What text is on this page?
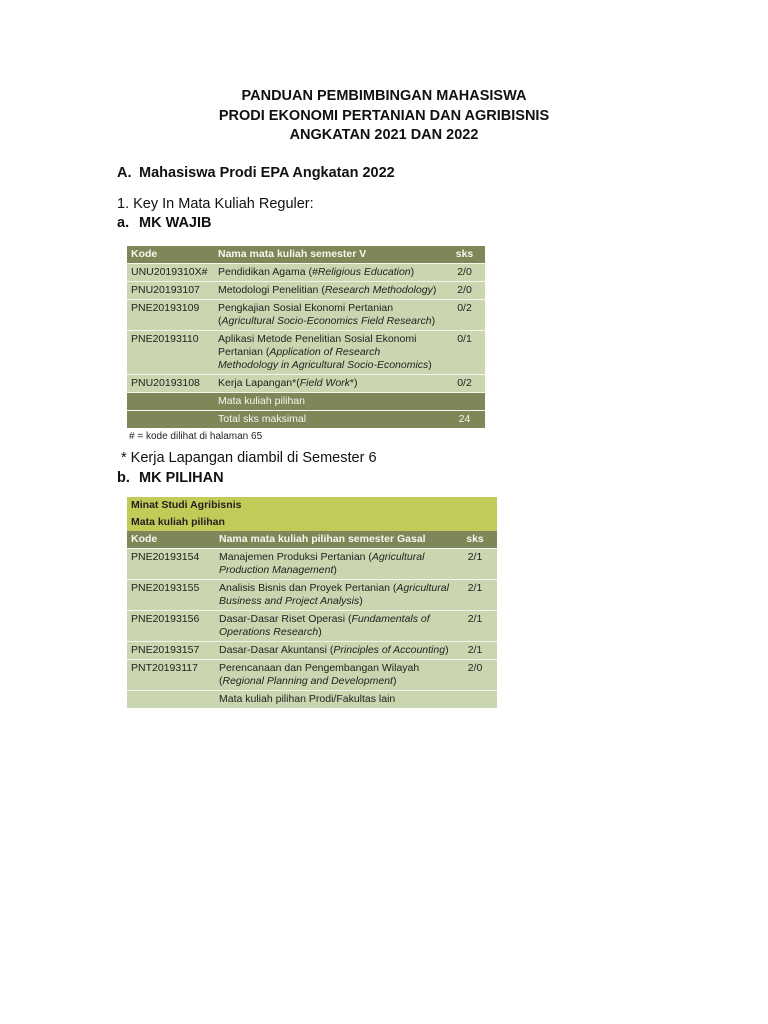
PANDUAN PEMBIMBINGAN MAHASISWA
PRODI EKONOMI PERTANIAN DAN AGRIBISNIS
ANGKATAN 2021 DAN 2022
A. Mahasiswa Prodi EPA Angkatan 2022
1. Key In Mata Kuliah Reguler:
a. MK WAJIB
Kode	Nama mata kuliah semester V	sks
UNU2019310X#	Pendidikan Agama (#Religious Education)	2/0
PNU20193107	Metodologi Penelitian (Research Methodology)	2/0
PNE20193109	Pengkajian Sosial Ekonomi Pertanian (Agricultural Socio-Economics Field Research)	0/2
PNE20193110	Aplikasi Metode Penelitian Sosial Ekonomi Pertanian (Application of Research Methodology in Agricultural Socio-Economics)	0/1
PNU20193108	Kerja Lapangan*(Field Work*)	0/2
	Mata kuliah pilihan	
	Total sks maksimal	24
# = kode dilihat di halaman 65
* Kerja Lapangan diambil di Semester 6
b. MK PILIHAN
Minat Studi Agribisnis		
Mata kuliah pilihan		
Kode	Nama mata kuliah pilihan semester Gasal	sks
PNE20193154	Manajemen Produksi Pertanian (Agricultural Production Management)	2/1
PNE20193155	Analisis Bisnis dan Proyek Pertanian (Agricultural Business and Project Analysis)	2/1
PNE20193156	Dasar-Dasar Riset Operasi (Fundamentals of Operations Research)	2/1
PNE20193157	Dasar-Dasar Akuntansi (Principles of Accounting)	2/1
PNT20193117	Perencanaan dan Pengembangan Wilayah (Regional Planning and Development)	2/0
	Mata kuliah pilihan Prodi/Fakultas lain	
